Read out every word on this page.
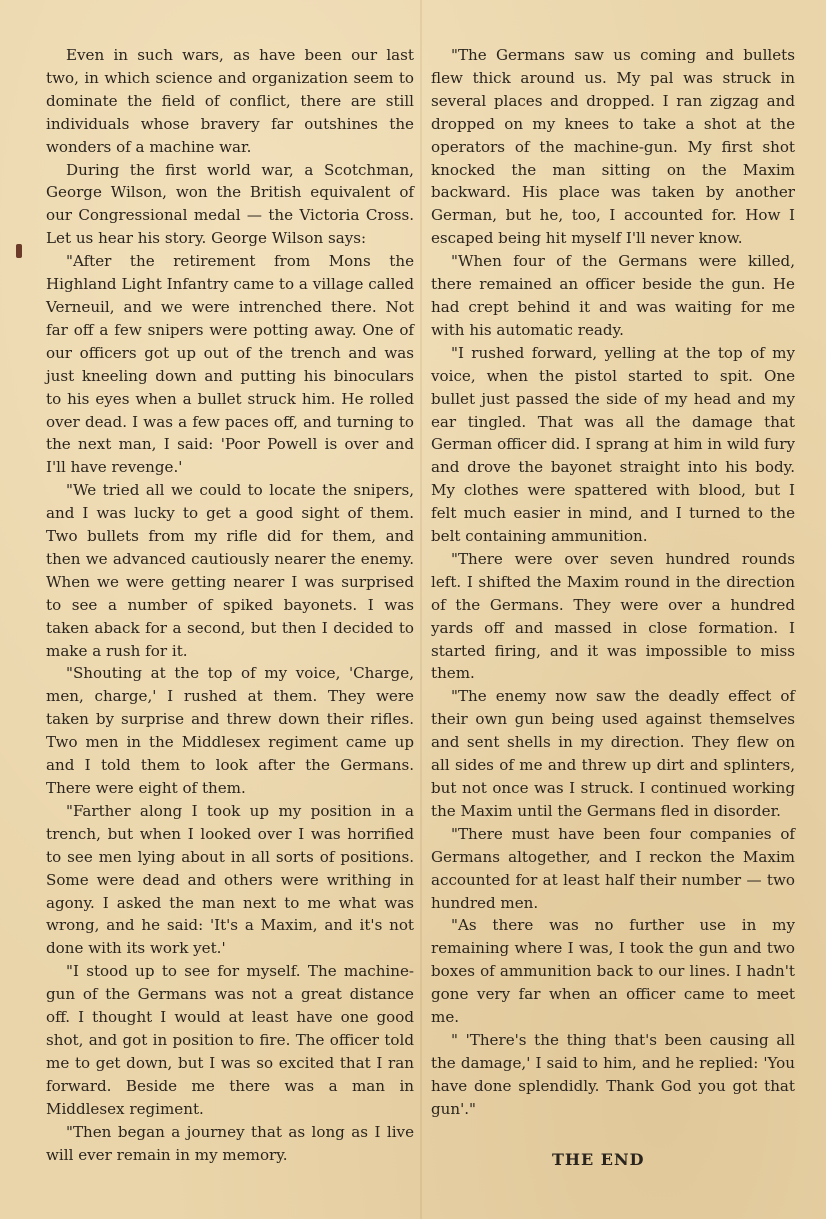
Even in such wars, as have been our last two, in which science and organization seem to dominate the field of conflict, there are still individuals whose bravery far outshines the wonders of a machine war.

During the first world war, a Scotchman, George Wilson, won the British equivalent of our Congressional medal — the Victoria Cross. Let us hear his story. George Wilson says:

"After the retirement from Mons the Highland Light Infantry came to a village called Verneuil, and we were intrenched there. Not far off a few snipers were potting away. One of our officers got up out of the trench and was just kneeling down and putting his binoculars to his eyes when a bullet struck him. He rolled over dead. I was a few paces off, and turning to the next man, I said: 'Poor Powell is over and I'll have revenge.'

"We tried all we could to locate the snipers, and I was lucky to get a good sight of them. Two bullets from my rifle did for them, and then we advanced cautiously nearer the enemy. When we were getting nearer I was surprised to see a number of spiked bayonets. I was taken aback for a second, but then I decided to make a rush for it.

"Shouting at the top of my voice, 'Charge, men, charge,' I rushed at them. They were taken by surprise and threw down their rifles. Two men in the Middlesex regiment came up and I told them to look after the Germans. There were eight of them.

"Farther along I took up my position in a trench, but when I looked over I was horrified to see men lying about in all sorts of positions. Some were dead and others were writhing in agony. I asked the man next to me what was wrong, and he said: 'It's a Maxim, and it's not done with its work yet.'

"I stood up to see for myself. The machine-gun of the Germans was not a great distance off. I thought I would at least have one good shot, and got in position to fire. The officer told me to get down, but I was so excited that I ran forward. Beside me there was a man in Middlesex regiment.

"Then began a journey that as long as I live will ever remain in my memory.

"The Germans saw us coming and bullets flew thick around us. My pal was struck in several places and dropped. I ran zigzag and dropped on my knees to take a shot at the operators of the machine-gun. My first shot knocked the man sitting on the Maxim backward. His place was taken by another German, but he, too, I accounted for. How I escaped being hit myself I'll never know.

"When four of the Germans were killed, there remained an officer beside the gun. He had crept behind it and was waiting for me with his automatic ready.

"I rushed forward, yelling at the top of my voice, when the pistol started to spit. One bullet just passed the side of my head and my ear tingled. That was all the damage that German officer did. I sprang at him in wild fury and drove the bayonet straight into his body. My clothes were spattered with blood, but I felt much easier in mind, and I turned to the belt containing ammunition.

"There were over seven hundred rounds left. I shifted the Maxim round in the direction of the Germans. They were over a hundred yards off and massed in close formation. I started firing, and it was impossible to miss them.

"The enemy now saw the deadly effect of their own gun being used against themselves and sent shells in my direction. They flew on all sides of me and threw up dirt and splinters, but not once was I struck. I continued working the Maxim until the Germans fled in disorder.

"There must have been four companies of Germans altogether, and I reckon the Maxim accounted for at least half their number — two hundred men.

"As there was no further use in my remaining where I was, I took the gun and two boxes of ammunition back to our lines. I hadn't gone very far when an officer came to meet me.

" 'There's the thing that's been causing all the damage,' I said to him, and he replied: 'You have done splendidly. Thank God you got that gun'."

THE END
